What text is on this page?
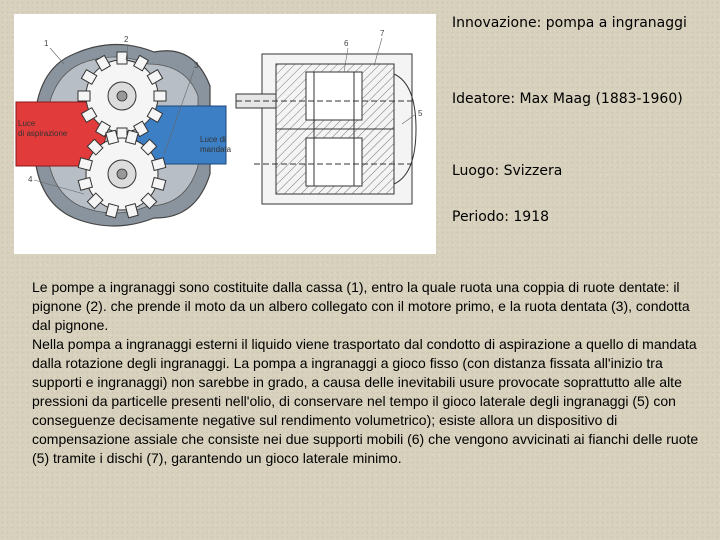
Luce
di aspirazione
Luce di
mandata
1	2
3
4
5
6
7

Innovazione: pompa a ingranaggi

Ideatore: Max Maag (1883-1960)

Luogo: Svizzera

Periodo: 1918

Le pompe a ingranaggi sono costituite dalla cassa (1), entro la quale ruota una coppia di ruote dentate: il pignone (2). che prende il moto da un albero collegato con il motore primo, e la ruota dentata (3), condotta dal pignone.

Nella pompa a ingranaggi esterni il liquido viene trasportato dal condotto di aspirazione a quello di mandata dalla rotazione degli ingranaggi. La pompa a ingranaggi a gioco fisso (con distanza fissata all'inizio tra supporti e ingranaggi) non sarebbe in grado, a causa delle inevitabili usure provocate soprattutto alle alte pressioni da particelle presenti nell'olio, di conservare nel tempo il gioco laterale degli ingranaggi (5) con conseguenze decisamente negative sul rendimento volumetrico); esiste allora un dispositivo di compensazione assiale che consiste nei due supporti mobili (6) che vengono avvicinati ai fianchi delle ruote (5) tramite i dischi (7), garantendo un gioco laterale minimo.
